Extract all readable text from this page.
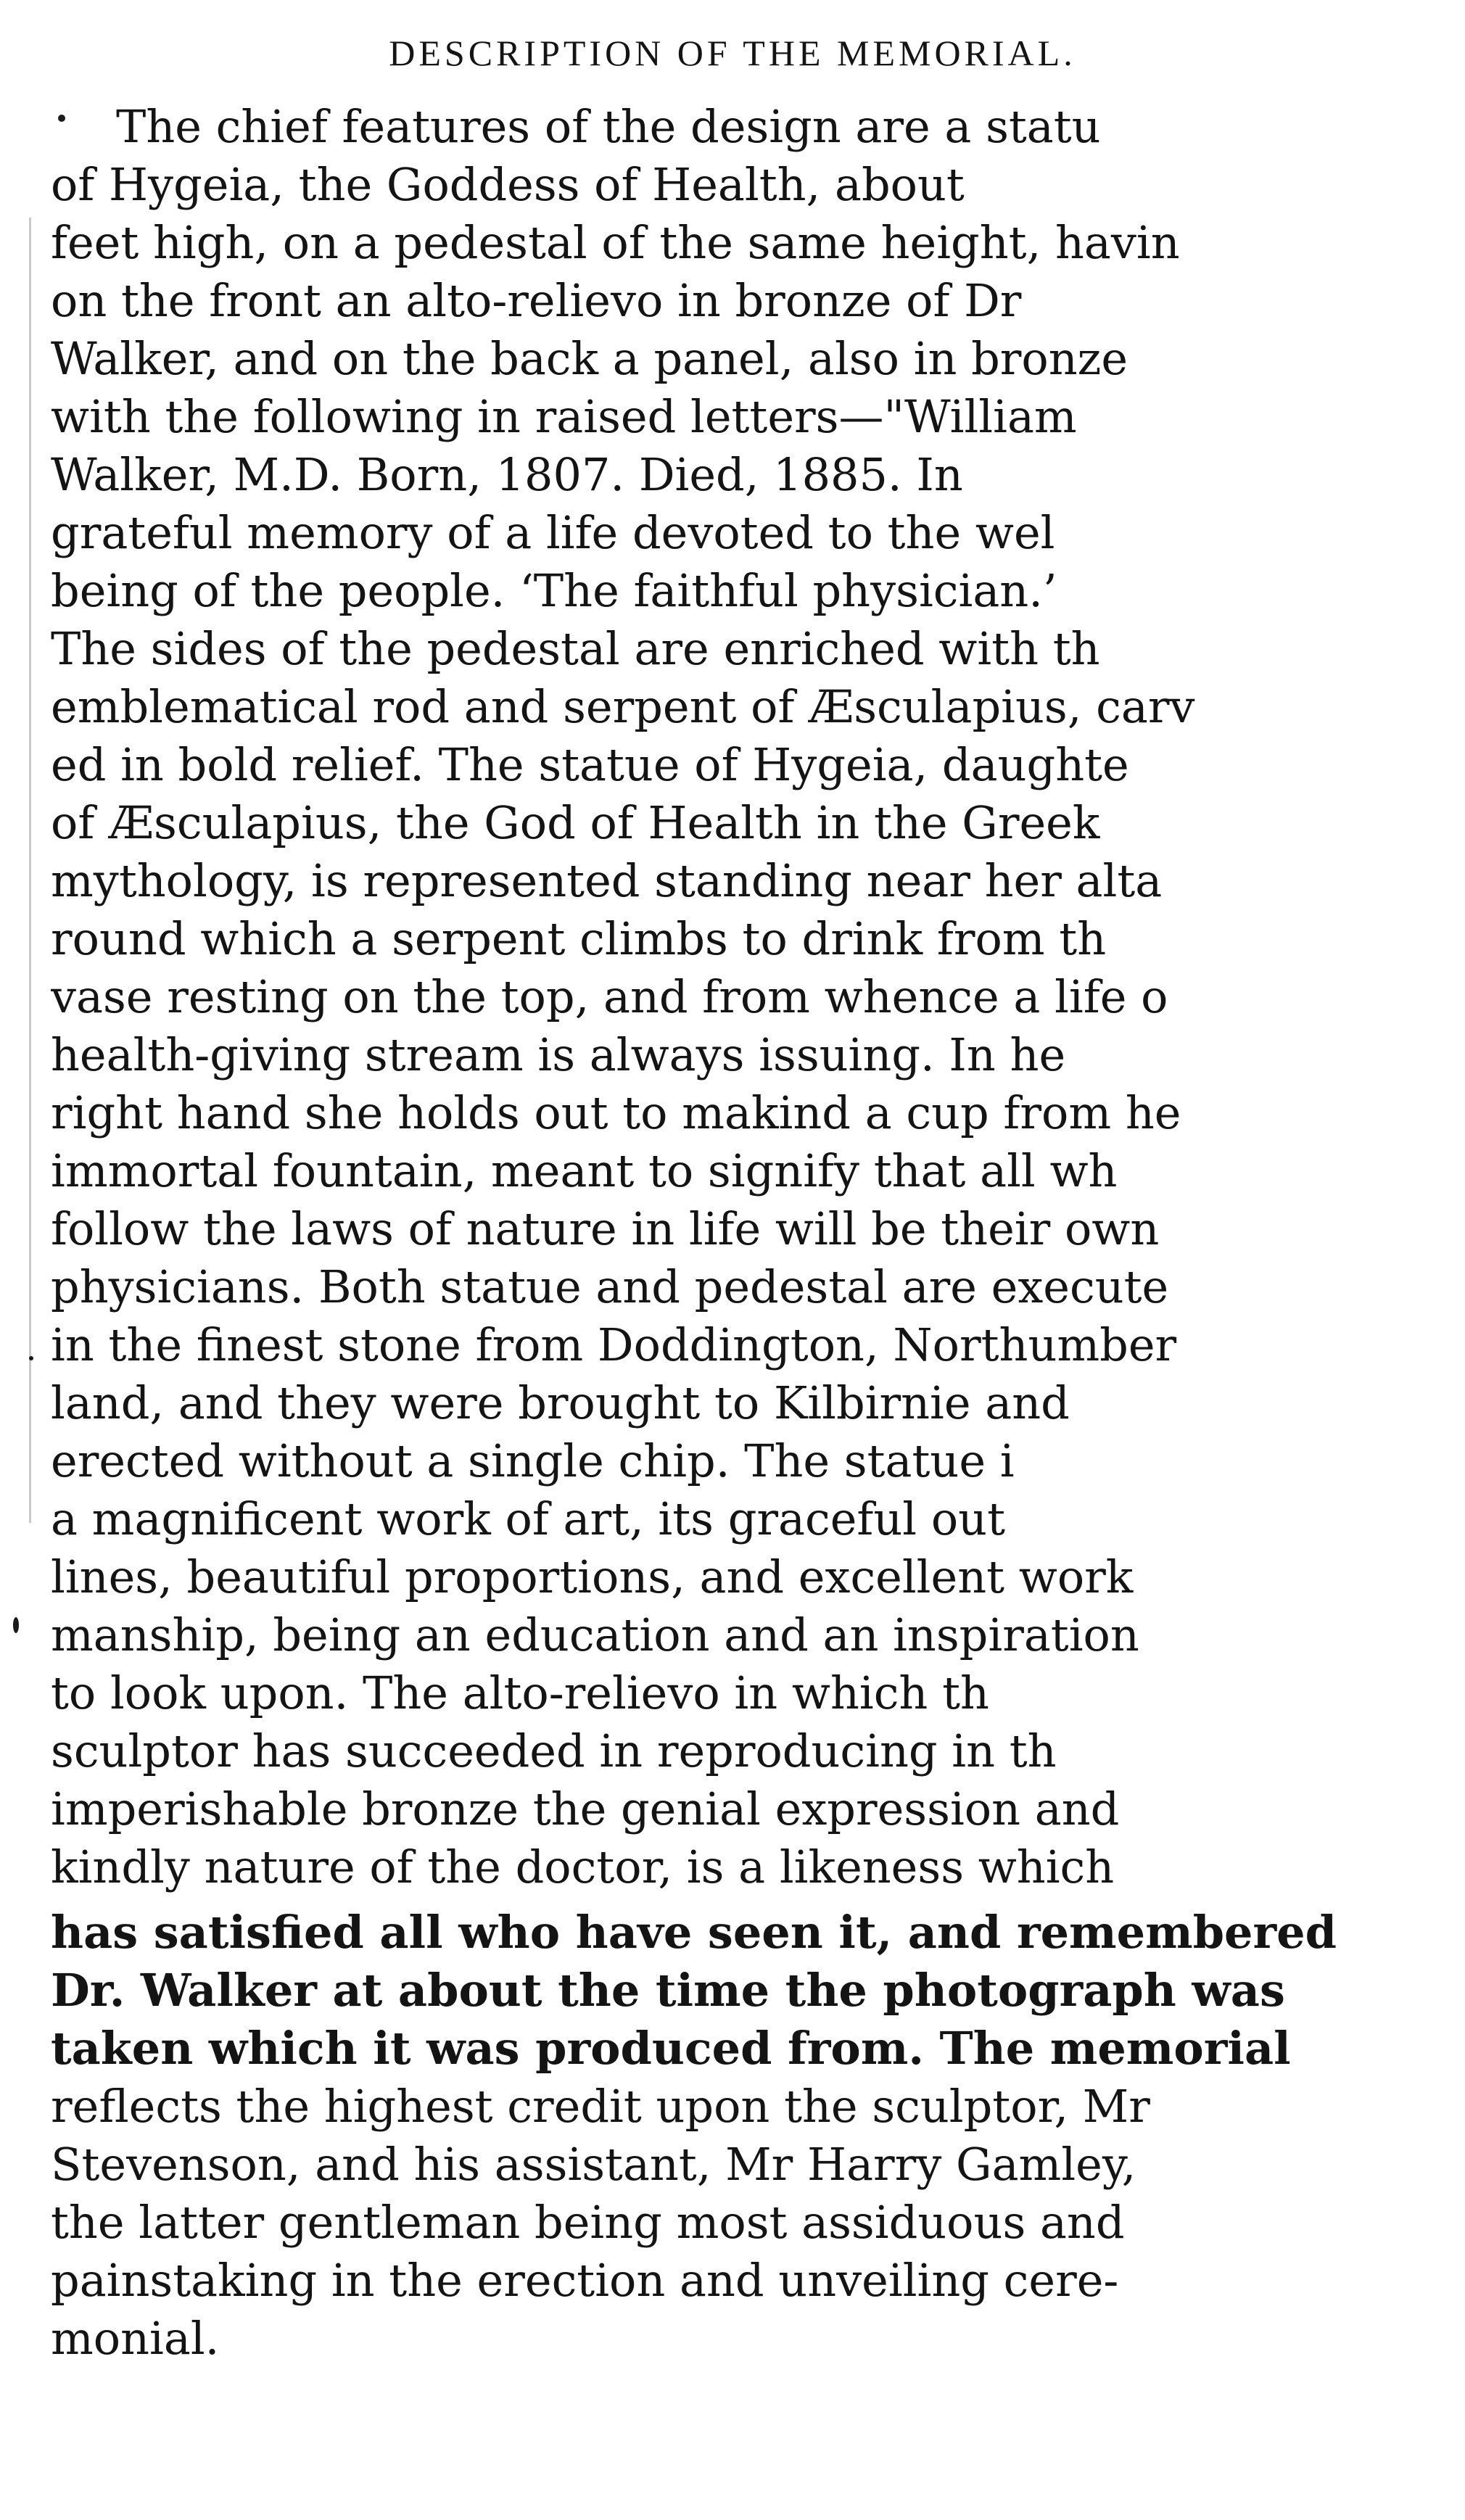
DESCRIPTION OF THE MEMORIAL.
The chief features of the design are a statu
of Hygeia, the Goddess of Health, about
feet high, on a pedestal of the same height, havin
on the front an alto-relievo in bronze of Dr
Walker, and on the back a panel, also in bronze
with the following in raised letters—"William
Walker, M.D. Born, 1807. Died, 1885. In
grateful memory of a life devoted to the wel
being of the people. ‘The faithful physician.’
The sides of the pedestal are enriched with th
emblematical rod and serpent of Æsculapius, carv
ed in bold relief. The statue of Hygeia, daughte
of Æsculapius, the God of Health in the Greek
mythology, is represented standing near her alta
round which a serpent climbs to drink from th
vase resting on the top, and from whence a life o
health-giving stream is always issuing. In he
right hand she holds out to makind a cup from he
immortal fountain, meant to signify that all wh
follow the laws of nature in life will be their own
physicians. Both statue and pedestal are execute
in the finest stone from Doddington, Northumber
land, and they were brought to Kilbirnie and
erected without a single chip. The statue i
a magnificent work of art, its graceful out
lines, beautiful proportions, and excellent work
manship, being an education and an inspiration
to look upon. The alto-relievo in which th
sculptor has succeeded in reproducing in th
imperishable bronze the genial expression and
kindly nature of the doctor, is a likeness which
has satisfied all who have seen it, and remembered
Dr. Walker at about the time the photograph was
taken which it was produced from. The memorial
reflects the highest credit upon the sculptor, Mr
Stevenson, and his assistant, Mr Harry Gamley,
the latter gentleman being most assiduous and
painstaking in the erection and unveiling cere-
monial.
